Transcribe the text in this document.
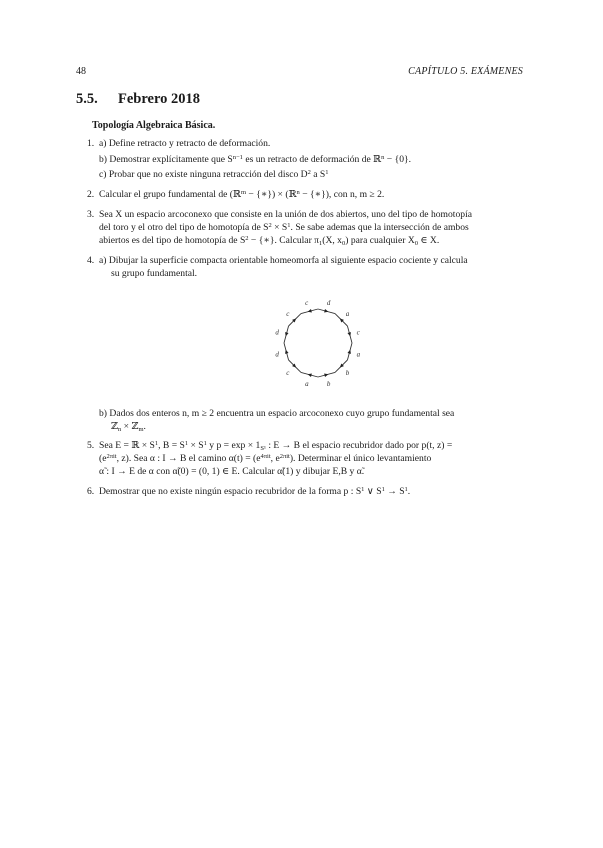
48	CAPÍTULO 5. EXÁMENES
5.5. Febrero 2018
Topología Algebraica Básica.
1. a) Define retracto y retracto de deformación.
b) Demostrar explícitamente que $S^{n-1}$ es un retracto de deformación de ℝ$^n$ − {0}.
c) Probar que no existe ninguna retracción del disco $D^2$ a $S^1$
2. Calcular el grupo fundamental de (ℝ$^m$ − {∗}) × (ℝ$^n$ − {∗}), con n, m ≥ 2.
3. Sea X un espacio arcoconexo que consiste en la unión de dos abiertos, uno del tipo de homotopía
del toro y el otro del tipo de homotopía de $S^2 \times S^1$. Se sabe ademas que la intersección de ambos
abiertos es del tipo de homotopía de $S^2$ − {∗}. Calcular $\pi_1(X$, $x_0$) para cualquier $X_0$ ∈ X.
4. a) Dibujar la superficie compacta orientable homeomorfa al siguiente espacio cociente y calcula
su grupo fundamental.
d
a
c
a
b
b
a
c
d
d
c
c
b) Dados dos enteros n, m ≥ 2 encuentra un espacio arcoconexo cuyo grupo fundamental sea
ℤ$_n$ × ℤ$_m$.
5. Sea E = ℝ × $S^1$, $B = S^1 \times S^1$ y $p = \exp \times 1_{S^1}$ : E → B el espacio recubridor dado por p(t, z) =
($e^{2\pi it}$, z). Sea α : I → B el camino $\alpha(t) = (e^{4\pi it}$, $e^{2\pi it}$). Determinar el único levantamiento
α̃ : I → E de α con α̃(0) = (0, 1) ∈ E. Calcular α̃(1) y dibujar E,B y α̃.
6. Demostrar que no existe ningún espacio recubridor de la forma p : $S^1$ ∨ $S^1 \to S^1$.
